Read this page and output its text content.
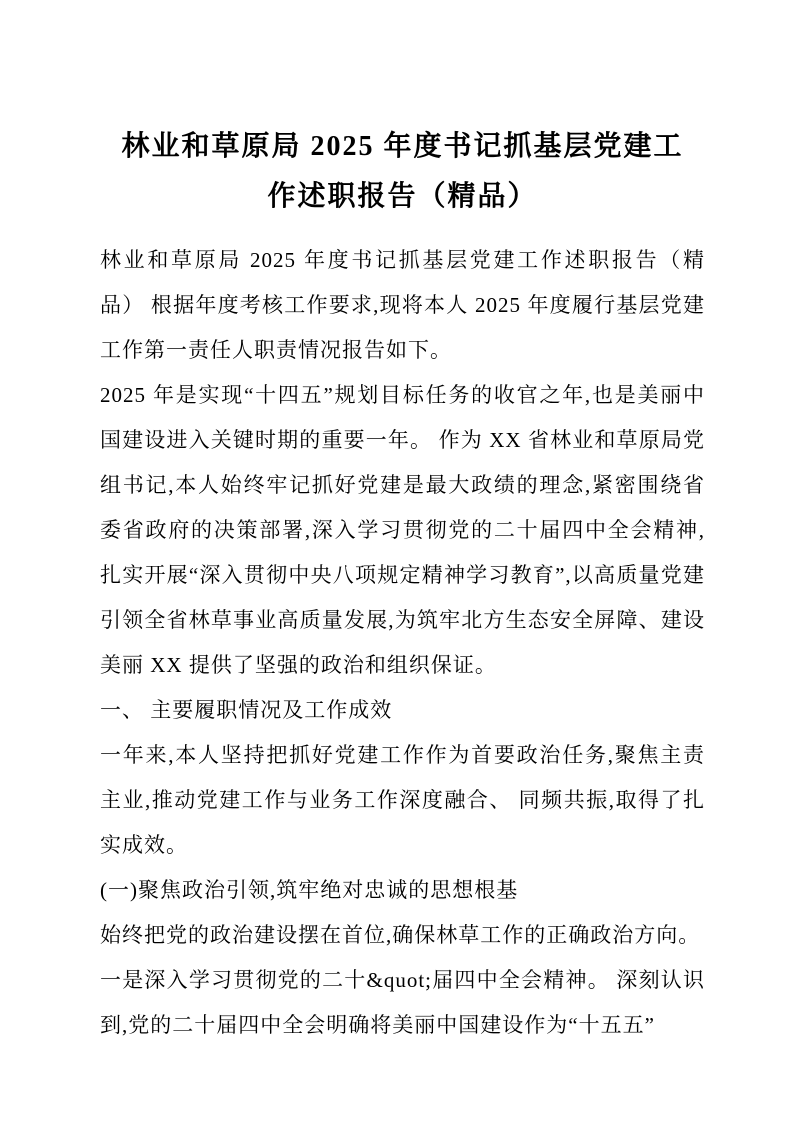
林业和草原局 2025 年度书记抓基层党建工
作述职报告（精品）

林业和草原局 2025 年度书记抓基层党建工作述职报告（精品） 根据年度考核工作要求,现将本人 2025 年度履行基层党建工作第一责任人职责情况报告如下。

2025 年是实现“十四五”规划目标任务的收官之年,也是美丽中国建设进入关键时期的重要一年。 作为 XX 省林业和草原局党组书记,本人始终牢记抓好党建是最大政绩的理念,紧密围绕省委省政府的决策部署,深入学习贯彻党的二十届四中全会精神,扎实开展“深入贯彻中央八项规定精神学习教育”,以高质量党建引领全省林草事业高质量发展,为筑牢北方生态安全屏障、建设美丽 XX 提供了坚强的政治和组织保证。

一、 主要履职情况及工作成效

一年来,本人坚持把抓好党建工作作为首要政治任务,聚焦主责主业,推动党建工作与业务工作深度融合、 同频共振,取得了扎实成效。

(一)聚焦政治引领,筑牢绝对忠诚的思想根基

始终把党的政治建设摆在首位,确保林草工作的正确政治方向。

一是深入学习贯彻党的二十&quot;届四中全会精神。 深刻认识到,党的二十届四中全会明确将美丽中国建设作为“十五五”
